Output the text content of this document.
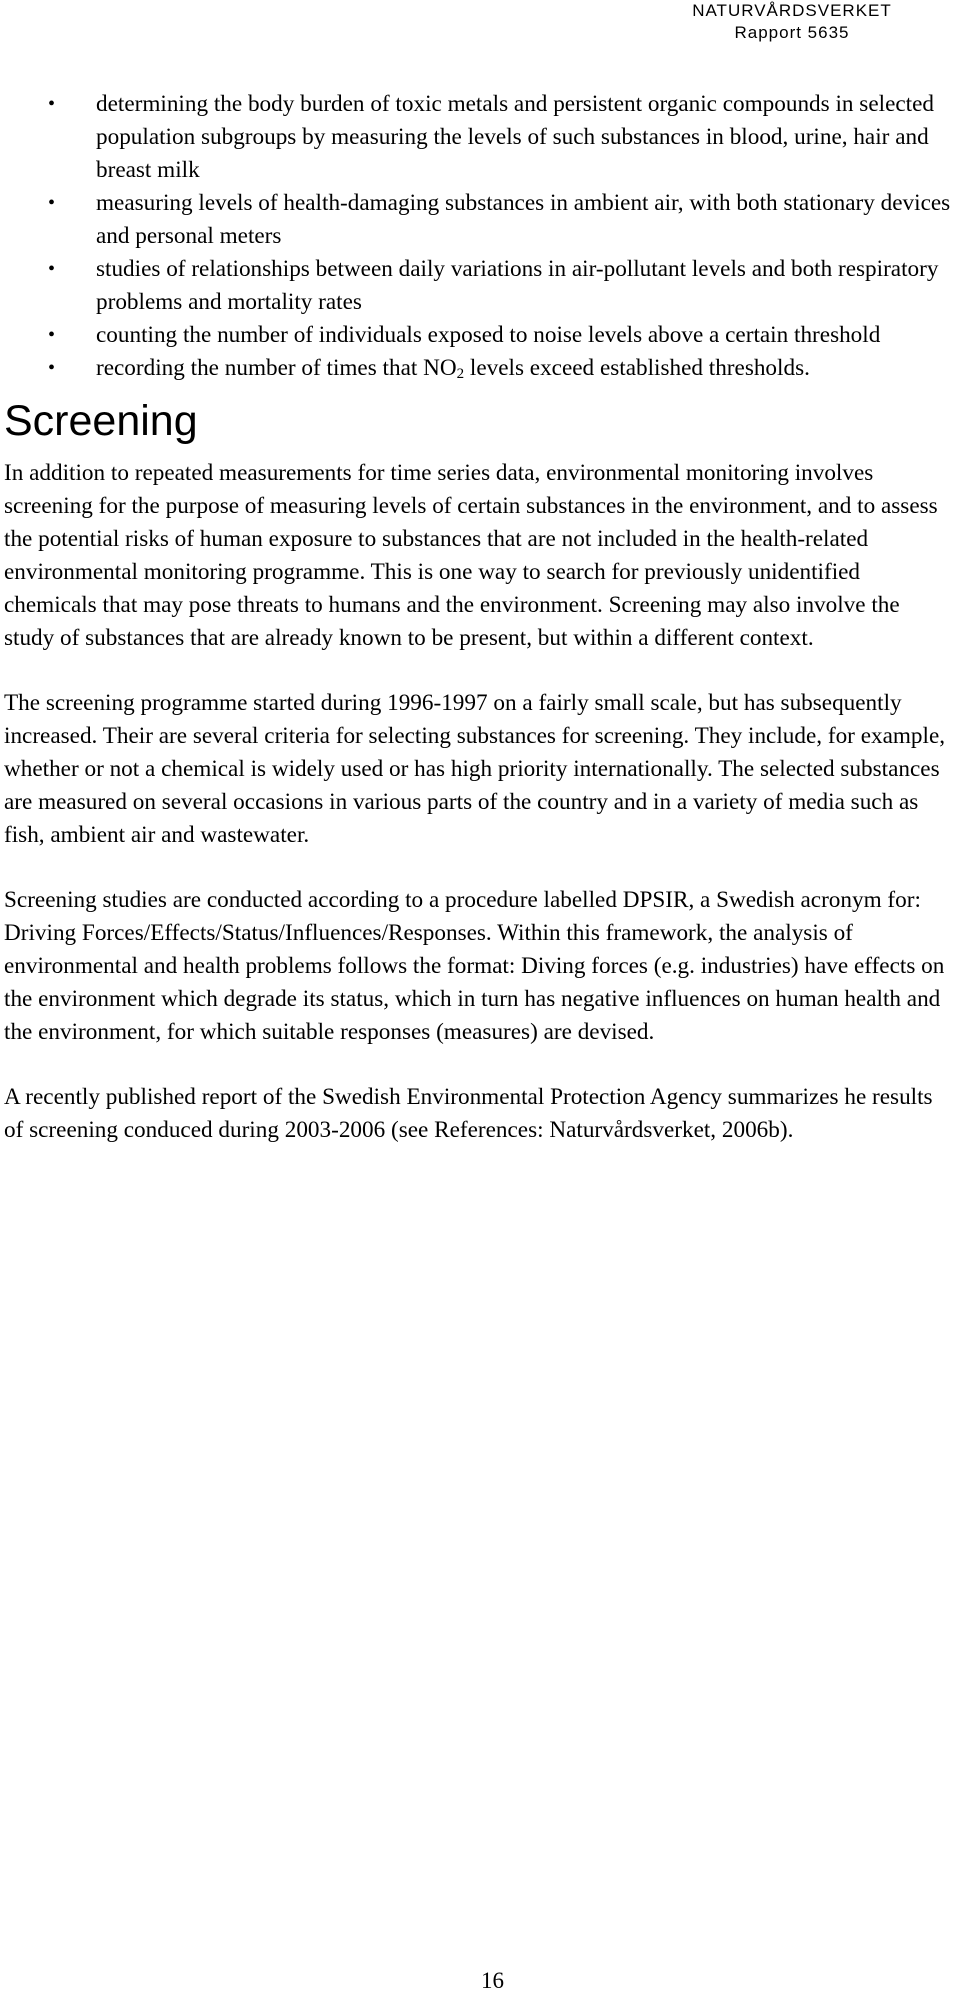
NATURVÅRDSVERKET
Rapport 5635
• determining the body burden of toxic metals and persistent organic compounds in selected population subgroups by measuring the levels of such substances in blood, urine, hair and breast milk
• measuring levels of health-damaging substances in ambient air, with both stationary devices and personal meters
• studies of relationships between daily variations in air-pollutant levels and both respiratory problems and mortality rates
• counting the number of individuals exposed to noise levels above a certain threshold
• recording the number of times that $NO_2$ levels exceed established thresholds.
Screening

In addition to repeated measurements for time series data, environmental monitoring involves screening for the purpose of measuring levels of certain substances in the environment, and to assess the potential risks of human exposure to substances that are not included in the health-related environmental monitoring programme. This is one way to search for previously unidentified chemicals that may pose threats to humans and the environment. Screening may also involve the study of substances that are already known to be present, but within a different context.

The screening programme started during 1996-1997 on a fairly small scale, but has subsequently increased. Their are several criteria for selecting substances for screening. They include, for example, whether or not a chemical is widely used or has high priority internationally. The selected substances are measured on several occasions in various parts of the country and in a variety of media such as fish, ambient air and wastewater.

Screening studies are conducted according to a procedure labelled DPSIR, a Swedish acronym for: Driving Forces/Effects/Status/Influences/Responses. Within this framework, the analysis of environmental and health problems follows the format: Diving forces (e.g. industries) have effects on the environment which degrade its status, which in turn has negative influences on human health and the environment, for which suitable responses (measures) are devised.

A recently published report of the Swedish Environmental Protection Agency summarizes he results of screening conduced during 2003-2006 (see References: Naturvårdsverket, 2006b).

16
